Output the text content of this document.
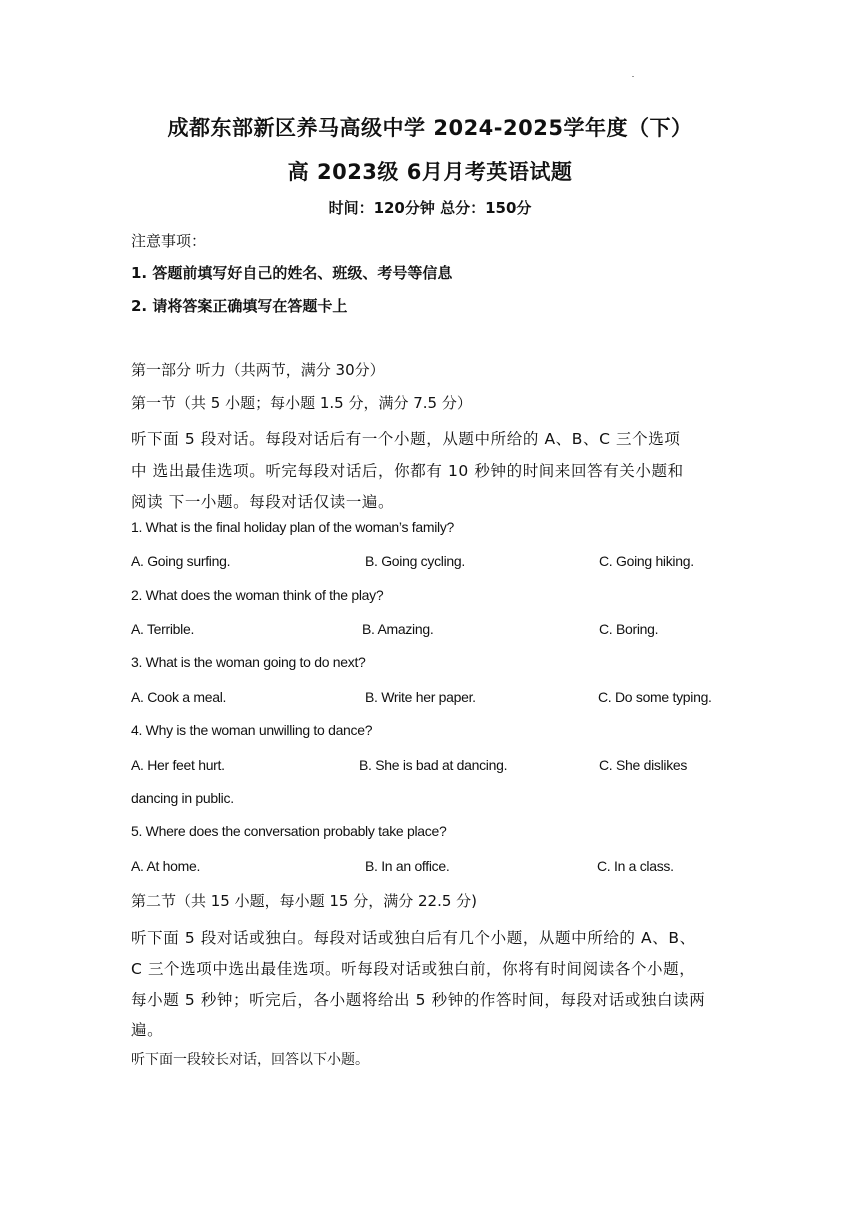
成都东部新区养马高级中学 2024-2025学年度（下）
高 2023级 6月月考英语试题
时间：120分钟 总分：150分
注意事项：
1. 答题前填写好自己的姓名、班级、考号等信息
2. 请将答案正确填写在答题卡上
第一部分 听力（共两节，满分 30分）
第一节（共 5 小题；每小题 1.5 分，满分 7.5 分）
听下面 5 段对话。每段对话后有一个小题，从题中所给的 A、B、C 三个选项
中 选出最佳选项。听完每段对话后，你都有 10 秒钟的时间来回答有关小题和
阅读 下一小题。每段对话仅读一遍。
1. What is the final holiday plan of the woman’s family?
A. Going surfing.	B. Going cycling.	C. Going hiking.
2. What does the woman think of the play?
A. Terrible.	B. Amazing.	C. Boring.
3. What is the woman going to do next?
A. Cook a meal.	B. Write her paper.	C. Do some typing.
4. Why is the woman unwilling to dance?
A. Her feet hurt.	B. She is bad at dancing.	C. She dislikes
dancing in public.
5. Where does the conversation probably take place?
A. At home.	B. In an office.	C. In a class.
第二节（共 15 小题，每小题 15 分，满分 22.5 分)
听下面 5 段对话或独白。每段对话或独白后有几个小题，从题中所给的 A、B、
C 三个选项中选出最佳选项。听每段对话或独白前，你将有时间阅读各个小题，
每小题 5 秒钟；听完后，各小题将给出 5 秒钟的作答时间，每段对话或独白读两
遍。
听下面一段较长对话，回答以下小题。
